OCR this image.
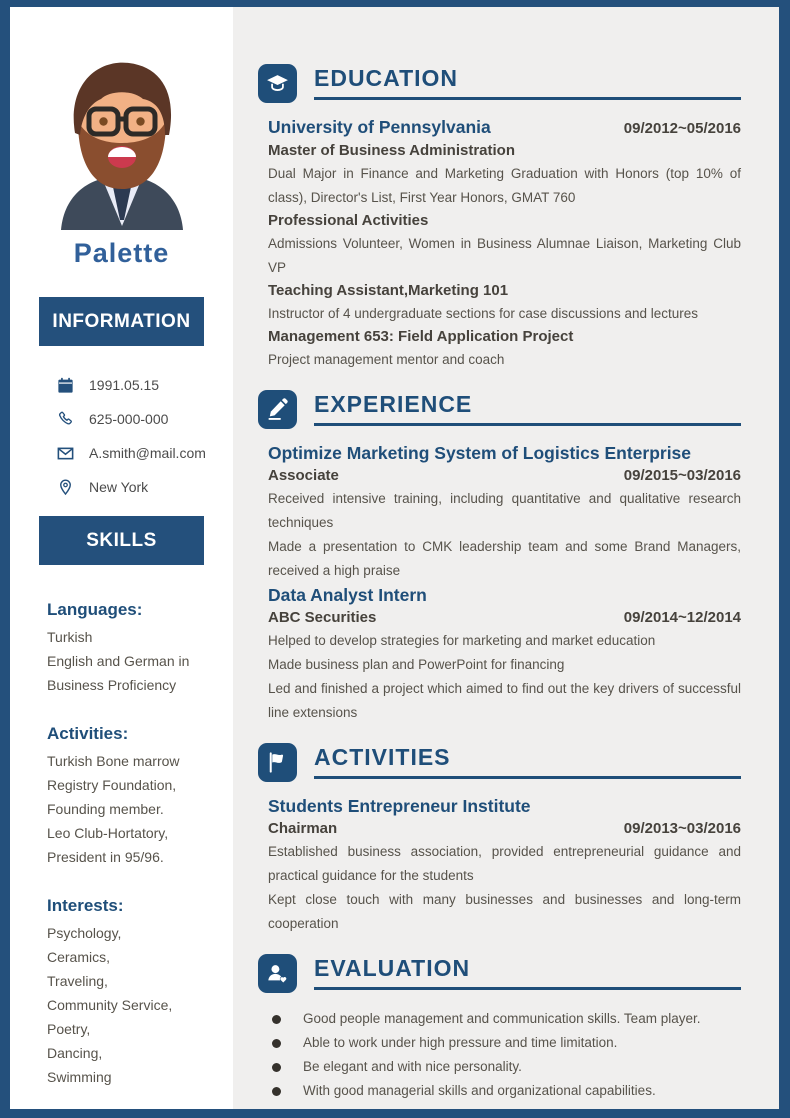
Palette
INFORMATION
1991.05.15
625-000-000
A.smith@mail.com
New York
SKILLS
Languages:
Turkish
English and German in Business Proficiency
Activities:
Turkish Bone marrow Registry Foundation, Founding member.
Leo Club-Hortatory, President in 95/96.
Interests:
Psychology,
Ceramics,
Traveling,
Community Service,
Poetry,
Dancing,
Swimming
EDUCATION
University of Pennsylvania	09/2012~05/2016
Master of Business Administration
Dual Major in Finance and Marketing Graduation with Honors (top 10% of class), Director's List, First Year Honors, GMAT 760
Professional Activities
Admissions Volunteer, Women in Business Alumnae Liaison, Marketing Club VP
Teaching Assistant,Marketing 101
Instructor of 4 undergraduate sections for case discussions and lectures
Management 653: Field Application Project
Project management mentor and coach
EXPERIENCE
Optimize Marketing System of Logistics Enterprise
Associate	09/2015~03/2016
Received intensive training, including quantitative and qualitative research techniques
Made a presentation to CMK leadership team and some Brand Managers, received a high praise
Data Analyst Intern
ABC Securities	09/2014~12/2014
Helped to develop strategies for marketing and market education
Made business plan and PowerPoint for financing
Led and finished a project which aimed to find out the key drivers of successful line extensions
ACTIVITIES
Students Entrepreneur Institute
Chairman	09/2013~03/2016
Established business association, provided entrepreneurial guidance and practical guidance for the students
Kept close touch with many businesses and businesses and long-term cooperation
EVALUATION
Good people management and communication skills. Team player.
Able to work under high pressure and time limitation.
Be elegant and with nice personality.
With good managerial skills and organizational capabilities.
